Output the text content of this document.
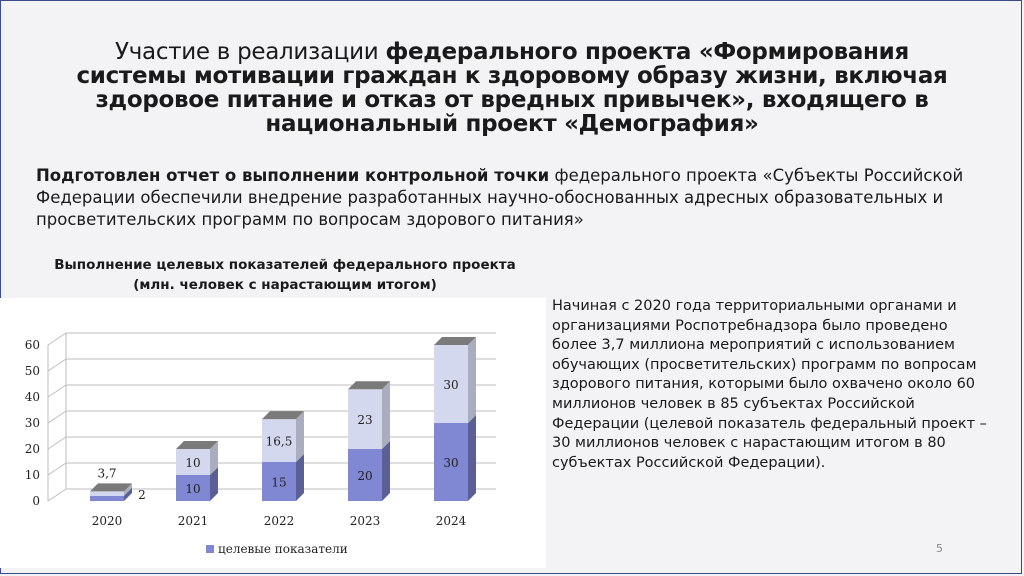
Участие в реализации федерального проекта «Формирования системы мотивации граждан к здоровому образу жизни, включая здоровое питание и отказ от вредных привычек», входящего в национальный проект «Демография»
Подготовлен отчет о выполнении контрольной точки федерального проекта «Субъекты Российской Федерации обеспечили внедрение разработанных научно-обоснованных адресных образовательных и просветительских программ по вопросам здорового питания»
Выполнение целевых показателей федерального проекта (млн. человек с нарастающим итогом)
0
10
20
30
40
50
60
2
3,7
2020
10
10
2021
15
16,5
2022
20
23
2023
30
30
2024
целевые показатели
Начиная с 2020 года территориальными органами и организациями Роспотребнадзора было проведено более 3,7 миллиона мероприятий с использованием обучающих (просветительских) программ по вопросам здорового питания, которыми было охвачено около 60 миллионов человек в 85 субъектах Российской Федерации (целевой показатель федеральный проект – 30 миллионов человек с нарастающим итогом в 80 субъектах Российской Федерации).
5
